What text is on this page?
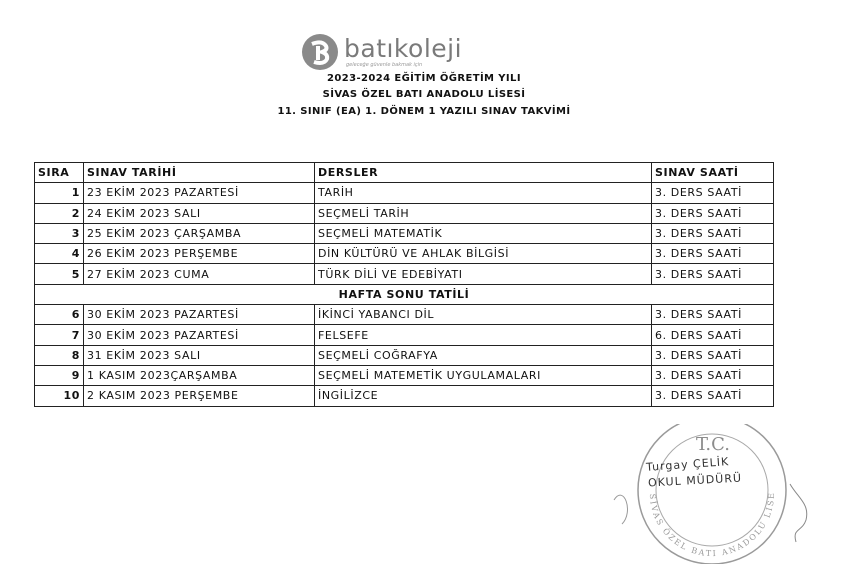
batıkoleji
geleceğe güvenle bakmak için
2023-2024 EĞİTİM ÖĞRETİM YILI
SİVAS ÖZEL BATI ANADOLU LİSESİ
11. SINIF (EA) 1. DÖNEM 1 YAZILI SINAV TAKVİMİ
SIRA	SINAV TARİHİ	DERSLER	SINAV SAATİ
1	23 EKİM 2023 PAZARTESİ	TARİH	3. DERS SAATİ
2	24 EKİM 2023 SALI	SEÇMELİ TARİH	3. DERS SAATİ
3	25 EKİM 2023 ÇARŞAMBA	SEÇMELİ MATEMATİK	3. DERS SAATİ
4	26 EKİM 2023 PERŞEMBE	DİN KÜLTÜRÜ VE AHLAK BİLGİSİ	3. DERS SAATİ
5	27 EKİM 2023 CUMA	TÜRK DİLİ VE EDEBİYATI	3. DERS SAATİ
HAFTA SONU TATİLİ			
6	30 EKİM 2023 PAZARTESİ	İKİNCİ YABANCI DİL	3. DERS SAATİ
7	30 EKİM 2023 PAZARTESİ	FELSEFE	6. DERS SAATİ
8	31 EKİM 2023 SALI	SEÇMELİ COĞRAFYA	3. DERS SAATİ
9	1 KASIM 2023ÇARŞAMBA	SEÇMELİ MATEMETİK UYGULAMALARI	3. DERS SAATİ
10	2 KASIM 2023 PERŞEMBE	İNGİLİZCE	3. DERS SAATİ
T.C.
SİVAS ÖZEL BATI ANADOLU LİSE
Turgay ÇELİK
OKUL MÜDÜRÜ
